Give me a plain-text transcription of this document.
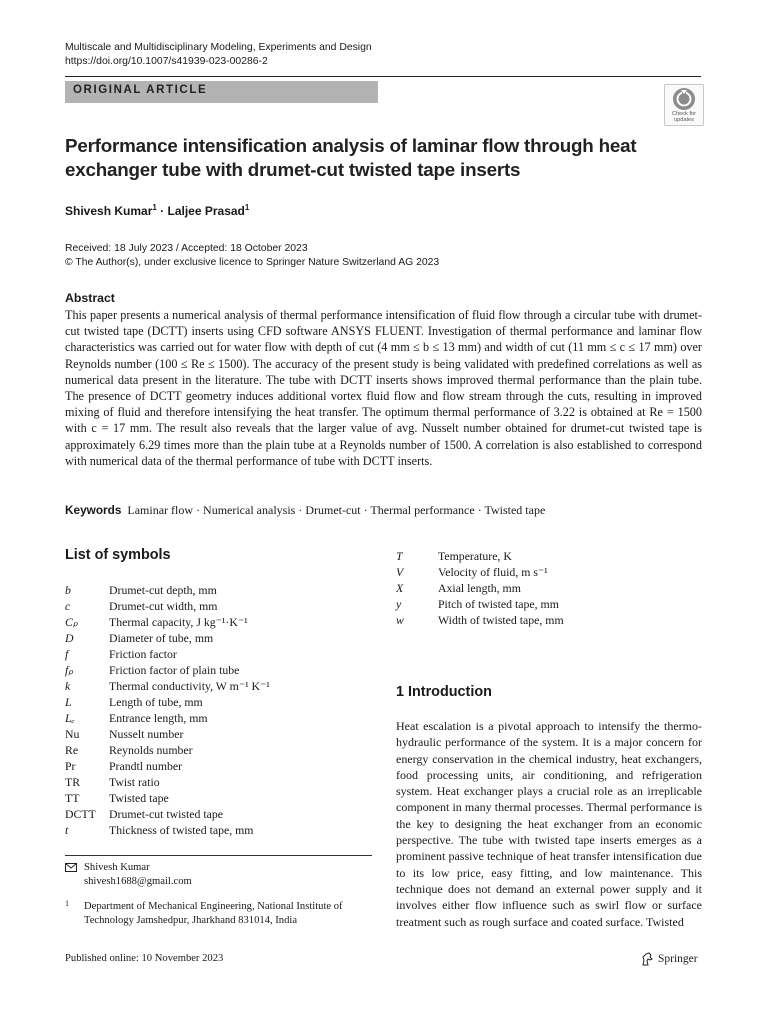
Multiscale and Multidisciplinary Modeling, Experiments and Design
https://doi.org/10.1007/s41939-023-00286-2
ORIGINAL ARTICLE
Check for
updates
Performance intensification analysis of laminar flow through heat exchanger tube with drumet-cut twisted tape inserts
Shivesh Kumar$^1$ · Laljee Prasad$^1$
Received: 18 July 2023 / Accepted: 18 October 2023
© The Author(s), under exclusive licence to Springer Nature Switzerland AG 2023
Abstract
This paper presents a numerical analysis of thermal performance intensification of fluid flow through a circular tube with drumet-cut twisted tape (DCTT) inserts using CFD software ANSYS FLUENT. Investigation of thermal performance and laminar flow characteristics was carried out for water flow with depth of cut (4 mm ≤ b ≤ 13 mm) and width of cut (11 mm ≤ c ≤ 17 mm) over Reynolds number (100 ≤ Re ≤ 1500). The accuracy of the present study is being validated with predefined correlations as well as numerical data present in the literature. The tube with DCTT inserts shows improved thermal performance than the plain tube. The presence of DCTT geometry induces additional vortex fluid flow and flow stream through the cuts, resulting in improved mixing of fluid and therefore intensifying the heat transfer. The optimum thermal performance of 3.22 is obtained at Re = 1500 with c = 17 mm. The result also reveals that the larger value of avg. Nusselt number obtained for drumet-cut twisted tape is approximately 6.29 times more than the plain tube at a Reynolds number of 1500. A correlation is also established to correspond with numerical data of the thermal performance of tube with DCTT inserts.
Keywords Laminar flow · Numerical analysis · Drumet-cut · Thermal performance · Twisted tape
List of symbols
b	Drumet-cut depth, mm
c	Drumet-cut width, mm
Cₚ	Thermal capacity, J kg⁻¹·K⁻¹
D	Diameter of tube, mm
f	Friction factor
fₚ	Friction factor of plain tube
k	Thermal conductivity, W m⁻¹ K⁻¹
L	Length of tube, mm
Lₑ	Entrance length, mm
Nu	Nusselt number
Re	Reynolds number
Pr	Prandtl number
TR Twist ratio
TT	Twisted tape
DCTT Drumet-cut twisted tape
t	Thickness of twisted tape, mm
T	Temperature, K
V	Velocity of fluid, m s⁻¹
X	Axial length, mm
y	Pitch of twisted tape, mm
w	Width of twisted tape, mm
1 Introduction
Heat escalation is a pivotal approach to intensify the thermo-hydraulic performance of the system. It is a major concern for energy conservation in the chemical industry, heat exchangers, food processing units, air conditioning, and refrigeration system. Heat exchanger plays a crucial role as an irreplicable component in many thermal processes. Thermal performance is the key to designing the heat exchanger from an economic perspective. The tube with twisted tape inserts emerges as a prominent passive technique of heat transfer intensification due to its low price, easy fitting, and low maintenance. This technique does not demand an external power supply and it involves either flow influence such as swirl flow or surface treatment such as rough surface and coated surface. Twisted
Shivesh Kumar
shivesh1688@gmail.com
1 Department of Mechanical Engineering, National Institute of Technology Jamshedpur, Jharkhand 831014, India
Published online: 10 November 2023	Springer
